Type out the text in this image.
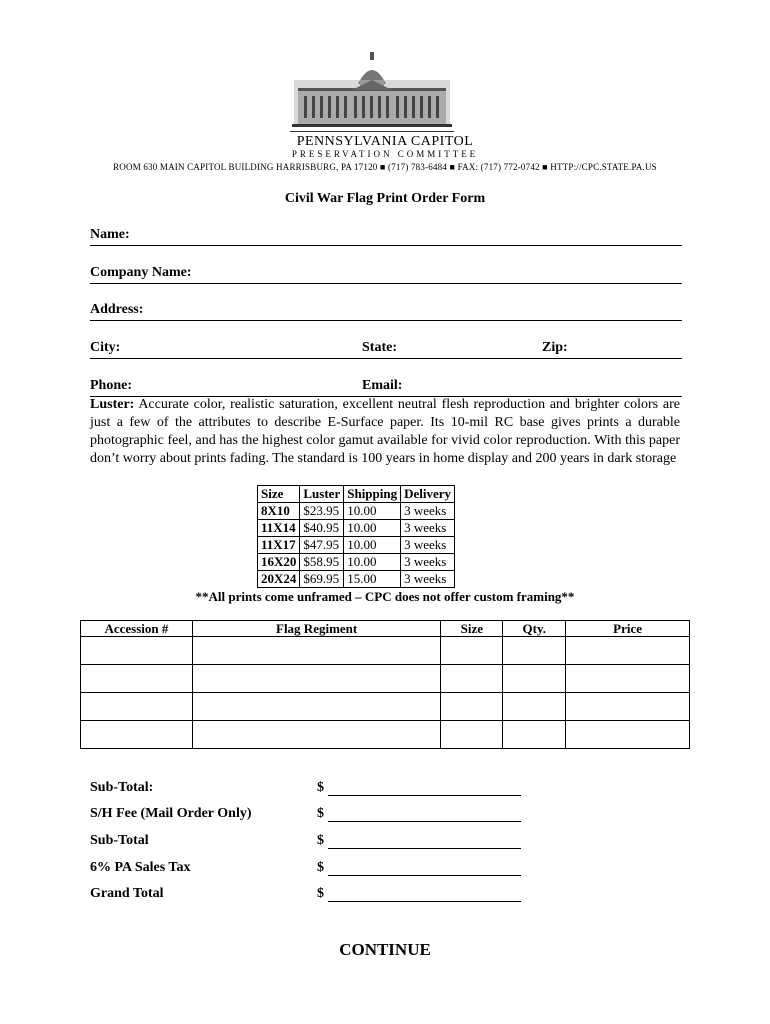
PENNSYLVANIA CAPITOL
PRESERVATION COMMITTEE
ROOM 630 MAIN CAPITOL BUILDING HARRISBURG, PA 17120 ■ (717) 783-6484 ■ FAX: (717) 772-0742 ■ HTTP://CPC.STATE.PA.US
Civil War Flag Print Order Form
Name:
Company Name:
Address:
City:	State:	Zip:
Phone:	Email:
Luster: Accurate color, realistic saturation, excellent neutral flesh reproduction and brighter colors are just a few of the attributes to describe E-Surface paper. Its 10-mil RC base gives prints a durable photographic feel, and has the highest color gamut available for vivid color reproduction. With this paper don’t worry about prints fading. The standard is 100 years in home display and 200 years in dark storage
Size	Luster	Shipping	Delivery
8X10	$23.95	10.00	3 weeks
11X14	$40.95	10.00	3 weeks
11X17	$47.95	10.00	3 weeks
16X20	$58.95	10.00	3 weeks
20X24	$69.95	15.00	3 weeks
**All prints come unframed – CPC does not offer custom framing**
Accession #	Flag Regiment	Size	Qty.	Price

Sub-Total:	$
S/H Fee (Mail Order Only)	$
Sub-Total	$
6% PA Sales Tax	$
Grand Total	$
CONTINUE
